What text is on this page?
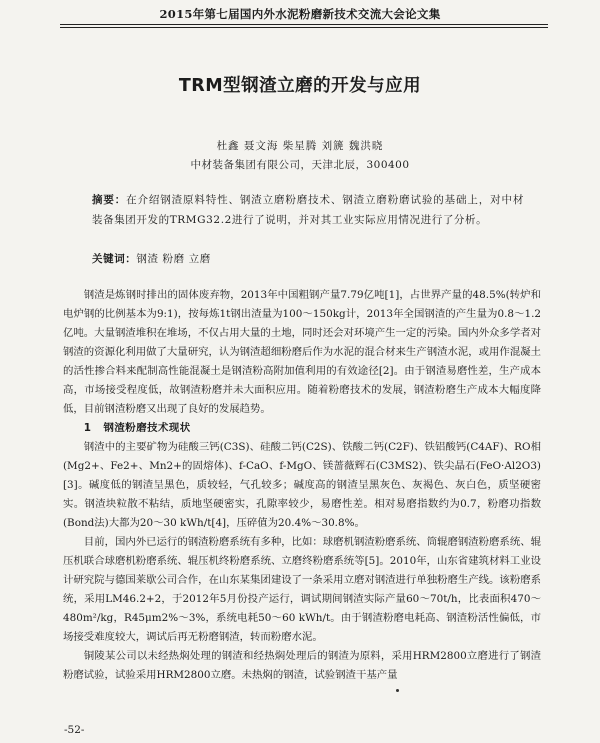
2015年第七届国内外水泥粉磨新技术交流大会论文集
TRM型钢渣立磨的开发与应用
杜鑫 聂文海 柴星腾 刘篪 魏洪晓
中材装备集团有限公司，天津北辰，300400
摘要：在介绍钢渣原料特性、钢渣立磨粉磨技术、钢渣立磨粉磨试验的基础上，对中材装备集团开发的TRMG32.2进行了说明，并对其工业实际应用情况进行了分析。
关键词：钢渣 粉磨 立磨

钢渣是炼钢时排出的固体废弃物，2013年中国粗钢产量7.79亿吨[1]，占世界产量的48.5%(转炉和电炉钢的比例基本为9:1)，按每炼1t钢出渣量为100～150kg计，2013年全国钢渣的产生量为0.8～1.2亿吨。大量钢渣堆积在堆场，不仅占用大量的土地，同时还会对环境产生一定的污染。国内外众多学者对钢渣的资源化利用做了大量研究，认为钢渣超细粉磨后作为水泥的混合材来生产钢渣水泥，或用作混凝土的活性掺合料来配制高性能混凝土是钢渣粉高附加值利用的有效途径[2]。由于钢渣易磨性差，生产成本高，市场接受程度低，故钢渣粉磨并未大面积应用。随着粉磨技术的发展，钢渣粉磨生产成本大幅度降低，目前钢渣粉磨又出现了良好的发展趋势。

1 钢渣粉磨技术现状

钢渣中的主要矿物为硅酸三钙(C3S)、硅酸二钙(C2S)、铁酸二钙(C2F)、铁铝酸钙(C4AF)、RO相(Mg2+、Fe2+、Mn2+的固熔体)、f-CaO、f-MgO、镁蔷薇辉石(C3MS2)、铁尖晶石(FeO·Al2O3)[3]。碱度低的钢渣呈黑色，质较轻，气孔较多；碱度高的钢渣呈黑灰色、灰褐色、灰白色，质坚硬密实。钢渣块粒散不粘结，质地坚硬密实，孔隙率较少，易磨性差。相对易磨指数约为0.7，粉磨功指数(Bond法)大都为20～30 kWh/t[4]，压碎值为20.4%～30.8%。

目前，国内外已运行的钢渣粉磨系统有多种，比如：球磨机钢渣粉磨系统、筒辊磨钢渣粉磨系统、辊压机联合球磨机粉磨系统、辊压机终粉磨系统、立磨终粉磨系统等[5]。2010年，山东省建筑材料工业设计研究院与德国莱歇公司合作，在山东某集团建设了一条采用立磨对钢渣进行单独粉磨生产线。该粉磨系统，采用LM46.2+2，于2012年5月份投产运行，调试期间钢渣实际产量60～70t/h，比表面积470～480m²/kg，R45μm2%～3%，系统电耗50～60 kWh/t。由于钢渣粉磨电耗高、钢渣粉活性偏低，市场接受难度较大，调试后再无粉磨钢渣，转而粉磨水泥。

铜陵某公司以未经热焖处理的钢渣和经热焖处理后的钢渣为原料，采用HRM2800立磨进行了钢渣粉磨试验，试验采用HRM2800立磨。未热焖的钢渣，试验钢渣干基产量

-52-
